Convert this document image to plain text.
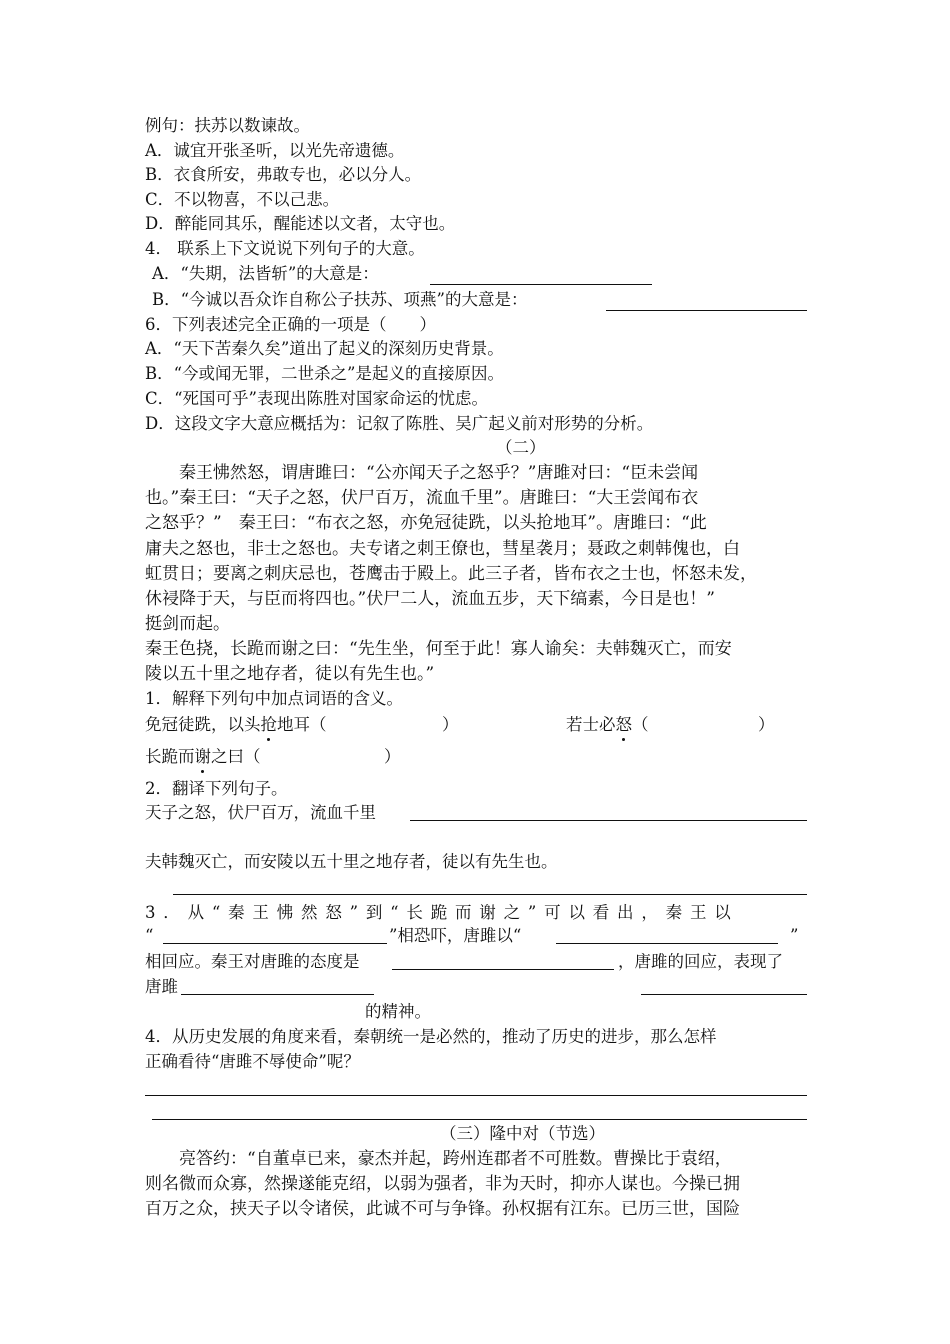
例句：扶苏以数谏故。
A．诚宜开张圣听，以光先帝遗德。
B．衣食所安，弗敢专也，必以分人。
C．不以物喜，不以己悲。
D．醉能同其乐，醒能述以文者，太守也。
4． 联系上下文说说下列句子的大意。
A．“失期，法皆斩”的大意是：
B．“今诚以吾众诈自称公子扶苏、项燕”的大意是：
6．下列表述完全正确的一项是（　　）
A．“天下苦秦久矣”道出了起义的深刻历史背景。
B．“今或闻无罪，二世杀之”是起义的直接原因。
C．“死国可乎”表现出陈胜对国家命运的忧虑。
D．这段文字大意应概括为：记叙了陈胜、吴广起义前对形势的分析。
（二）
　　秦王怫然怒，谓唐雎曰：“公亦闻天子之怒乎？”唐雎对曰：“臣未尝闻
也。”秦王曰：“天子之怒，伏尸百万，流血千里”。唐雎曰：“大王尝闻布衣
之怒乎？”　秦王曰：“布衣之怒，亦免冠徒跣，以头抢地耳”。唐雎曰：“此
庸夫之怒也，非士之怒也。夫专诸之刺王僚也，彗星袭月；聂政之刺韩傀也，白
虹贯日；要离之刺庆忌也，苍鹰击于殿上。此三子者，皆布衣之士也，怀怒未发，
休祲降于天，与臣而将四也。”伏尸二人，流血五步，天下缟素，今日是也！”
挺剑而起。
秦王色挠，长跪而谢之曰：“先生坐，何至于此！寡人谕矣：夫韩魏灭亡，而安
陵以五十里之地存者，徒以有先生也。”
1．解释下列句中加点词语的含义。
免冠徒跣，以头抢地耳（	）	若士必怒（	）
长跪而谢之曰（	）
2．翻译下列句子。
天子之怒，伏尸百万，流血千里
夫韩魏灭亡，而安陵以五十里之地存者，徒以有先生也。
3．从“秦王怫然怒”到“长跪而谢之”可以看出，秦王以
“	”相恐吓，唐雎以“	”
相回应。秦王对唐雎的态度是	，唐雎的回应，表现了
唐雎
的精神。
4．从历史发展的角度来看，秦朝统一是必然的，推动了历史的进步，那么怎样
正确看待“唐雎不辱使命”呢？
（三）隆中对（节选）
　　亮答约：“自董卓已来，豪杰并起，跨州连郡者不可胜数。曹操比于袁绍，
则名微而众寡，然操遂能克绍，以弱为强者，非为天时，抑亦人谋也。今操已拥
百万之众，挟天子以令诸侯，此诚不可与争锋。孙权据有江东。已历三世，国险
